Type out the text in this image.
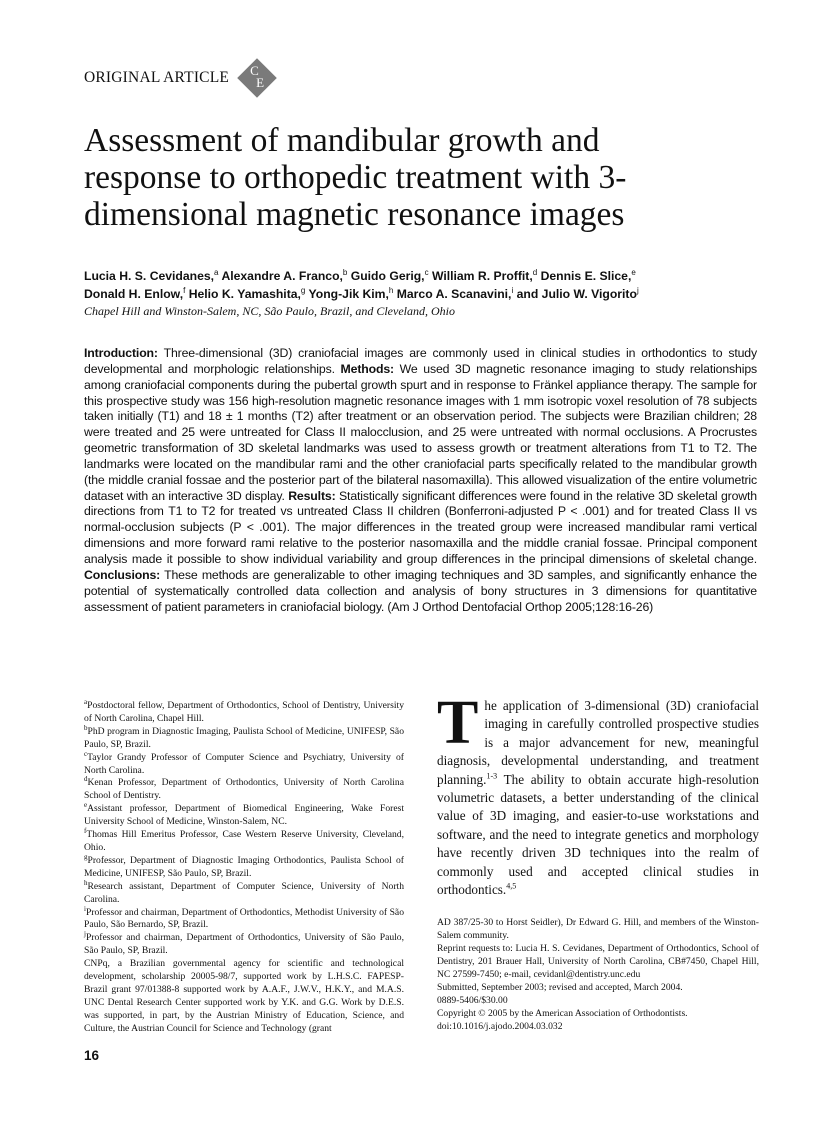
ORIGINAL ARTICLE C
E
Assessment of mandibular growth and response to orthopedic treatment with 3-dimensional magnetic resonance images
Lucia H. S. Cevidanes,$^a$ Alexandre A. Franco,$^b$ Guido Gerig,$^c$ William R. Proffit,$^d$ Dennis E. Slice,$^e$
Donald H. Enlow,$^f$ Helio K. Yamashita,$^g$ Yong-Jik Kim,$^h$ Marco A. Scanavini,$^i$ and Julio W. Vigorito$^j$
Chapel Hill and Winston-Salem, NC, São Paulo, Brazil, and Cleveland, Ohio
Introduction: Three-dimensional (3D) craniofacial images are commonly used in clinical studies in orthodontics to study developmental and morphologic relationships. Methods: We used 3D magnetic resonance imaging to study relationships among craniofacial components during the pubertal growth spurt and in response to Fränkel appliance therapy. The sample for this prospective study was 156 high-resolution magnetic resonance images with 1 mm isotropic voxel resolution of 78 subjects taken initially (T1) and 18 ± 1 months (T2) after treatment or an observation period. The subjects were Brazilian children; 28 were treated and 25 were untreated for Class II malocclusion, and 25 were untreated with normal occlusions. A Procrustes geometric transformation of 3D skeletal landmarks was used to assess growth or treatment alterations from T1 to T2. The landmarks were located on the mandibular rami and the other craniofacial parts specifically related to the mandibular growth (the middle cranial fossae and the posterior part of the bilateral nasomaxilla). This allowed visualization of the entire volumetric dataset with an interactive 3D display. Results: Statistically significant differences were found in the relative 3D skeletal growth directions from T1 to T2 for treated vs untreated Class II children (Bonferroni-adjusted P < .001) and for treated Class II vs normal-occlusion subjects (P < .001). The major differences in the treated group were increased mandibular rami vertical dimensions and more forward rami relative to the posterior nasomaxilla and the middle cranial fossae. Principal component analysis made it possible to show individual variability and group differences in the principal dimensions of skeletal change. Conclusions: These methods are generalizable to other imaging techniques and 3D samples, and significantly enhance the potential of systematically controlled data collection and analysis of bony structures in 3 dimensions for quantitative assessment of patient parameters in craniofacial biology. (Am J Orthod Dentofacial Orthop 2005;128:16-26)

$^a$Postdoctoral fellow, Department of Orthodontics, School of Dentistry, University of North Carolina, Chapel Hill.

$^b$PhD program in Diagnostic Imaging, Paulista School of Medicine, UNIFESP, São Paulo, SP, Brazil.

$^c$Taylor Grandy Professor of Computer Science and Psychiatry, University of North Carolina.

$^d$Kenan Professor, Department of Orthodontics, University of North Carolina School of Dentistry.

$^e$Assistant professor, Department of Biomedical Engineering, Wake Forest University School of Medicine, Winston-Salem, NC.

$^f$Thomas Hill Emeritus Professor, Case Western Reserve University, Cleveland, Ohio.

$^g$Professor, Department of Diagnostic Imaging Orthodontics, Paulista School of Medicine, UNIFESP, São Paulo, SP, Brazil.

$^h$Research assistant, Department of Computer Science, University of North Carolina.

$^i$Professor and chairman, Department of Orthodontics, Methodist University of São Paulo, São Bernardo, SP, Brazil.

$^j$Professor and chairman, Department of Orthodontics, University of São Paulo, São Paulo, SP, Brazil.

CNPq, a Brazilian governmental agency for scientific and technological development, scholarship 20005-98/7, supported work by L.H.S.C. FAPESP-Brazil grant 97/01388-8 supported work by A.A.F., J.W.V., H.K.Y., and M.A.S. UNC Dental Research Center supported work by Y.K. and G.G. Work by D.E.S. was supported, in part, by the Austrian Ministry of Education, Science, and Culture, the Austrian Council for Science and Technology (grant

16
The application of 3-dimensional (3D) craniofacial imaging in carefully controlled prospective studies is a major advancement for new, meaningful diagnosis, developmental understanding, and treatment planning.$^{1-3}$ The ability to obtain accurate high-resolution volumetric datasets, a better understanding of the clinical value of 3D imaging, and easier-to-use workstations and software, and the need to integrate genetics and morphology have recently driven 3D techniques into the realm of commonly used and accepted clinical studies in orthodontics.$^{4,5}$

AD 387/25-30 to Horst Seidler), Dr Edward G. Hill, and members of the Winston-Salem community.

Reprint requests to: Lucia H. S. Cevidanes, Department of Orthodontics, School of Dentistry, 201 Brauer Hall, University of North Carolina, CB#7450, Chapel Hill, NC 27599-7450; e-mail, cevidanl@dentistry.unc.edu

Submitted, September 2003; revised and accepted, March 2004.

0889-5406/$30.00

Copyright © 2005 by the American Association of Orthodontists.

doi:10.1016/j.ajodo.2004.03.032
